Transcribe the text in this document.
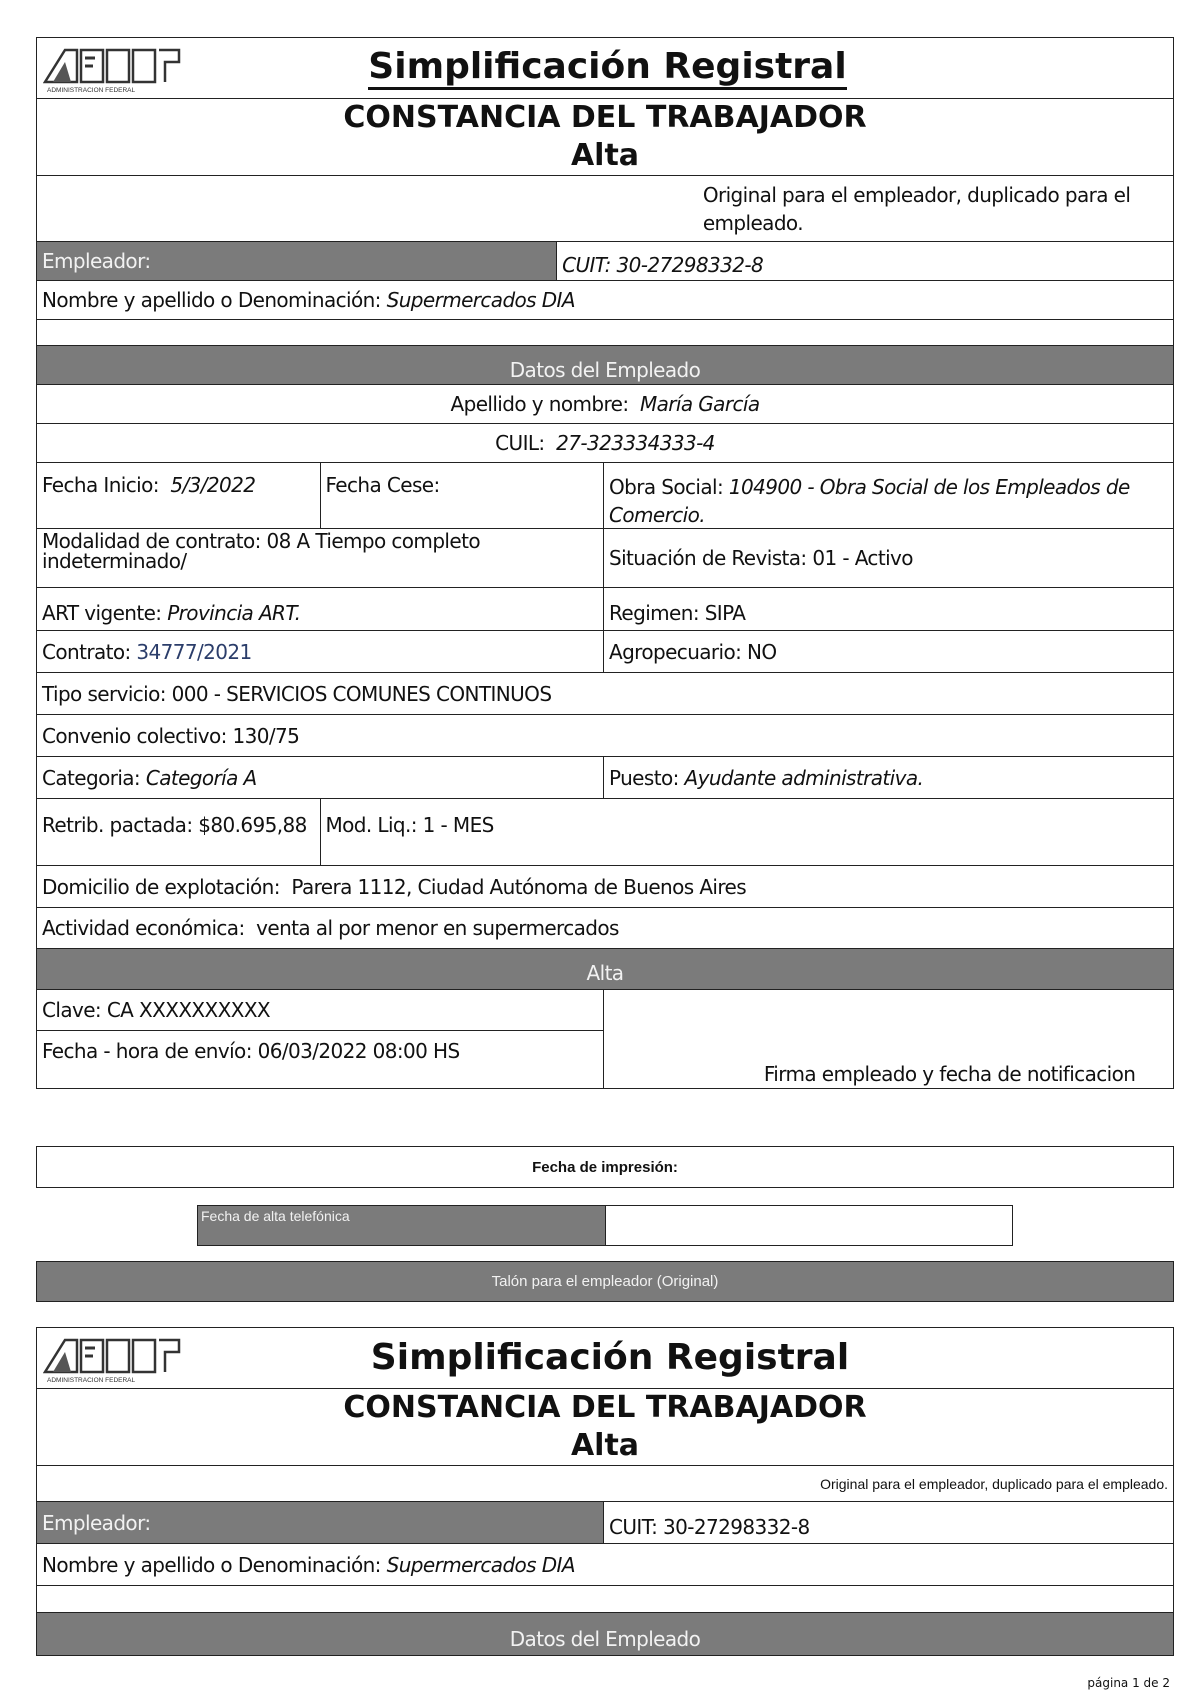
ADMINISTRACION FEDERAL
Simplificación Registral
CONSTANCIA DEL TRABAJADOR
Alta
Original para el empleador, duplicado para el empleado.
Empleador:	CUIT: 30-27298332-8
Nombre y apellido o Denominación:
Supermercados DIA
Datos del Empleado
Apellido y nombre:
María García
CUIL:
27-323334333-4
Fecha Inicio:
5/3/2022	Fecha Cese:	Obra Social: 104900 - Obra Social de los Empleados de Comercio.
Modalidad de contrato: 08 A Tiempo completo indeterminado/	Situación de Revista: 01 - Activo
ART vigente:
Provincia ART.	Regimen: SIPA
Contrato:
34777/2021	Agropecuario: NO
Tipo servicio: 000 - SERVICIOS COMUNES CONTINUOS
Convenio colectivo: 130/75
Categoria:
Categoría A	Puesto:
Ayudante administrativa.
Retrib. pactada: $80.695,88 Mod. Liq.: 1 - MES
Domicilio de explotación:
Parera 1112, Ciudad Autónoma de Buenos Aires
Actividad económica:
venta al por menor en supermercados
Alta
Clave: CA XXXXXXXXXX
Fecha - hora de envío: 06/03/2022 08:00 HS
Firma empleado y fecha de notificacion
Fecha de impresión:
Fecha de alta telefónica
Talón para el empleador (Original)
ADMINISTRACION FEDERAL
Simplificación Registral
CONSTANCIA DEL TRABAJADOR
Alta
Original para el empleador, duplicado para el empleado.
Empleador:	CUIT:
30-27298332-8
Nombre y apellido o Denominación:
Supermercados DIA
Datos del Empleado
página 1 de 2
